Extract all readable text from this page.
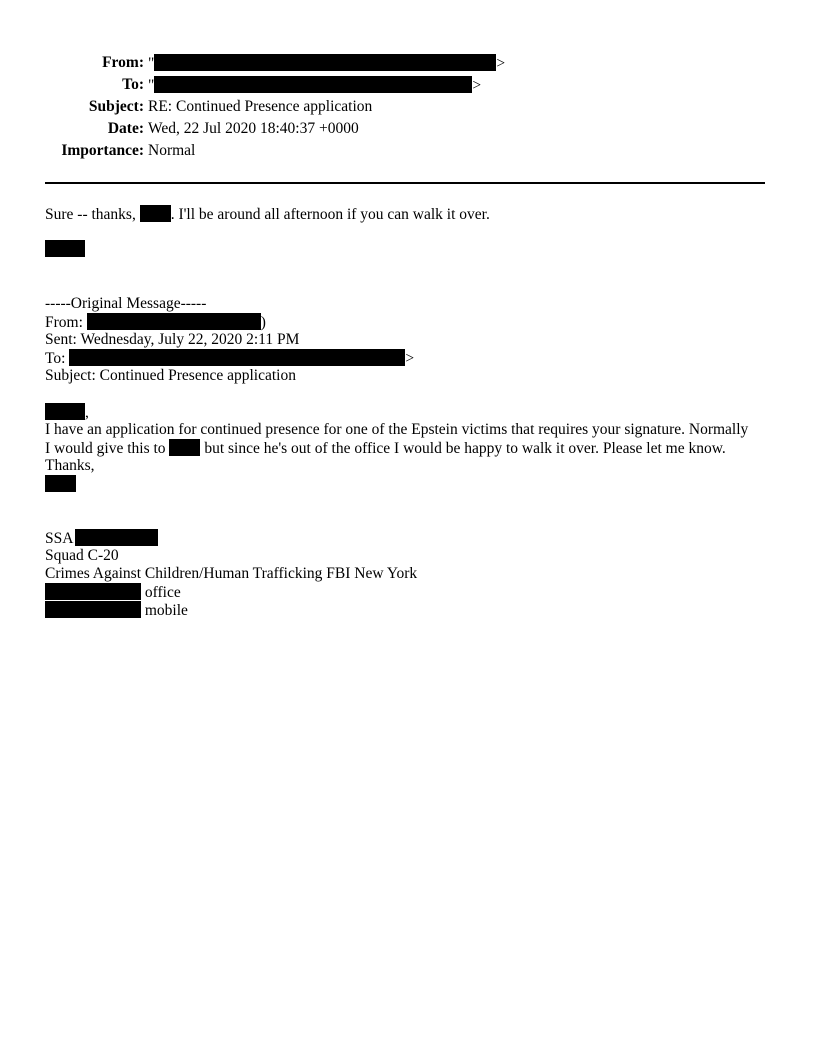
From: "	>
To: "	>
Subject: RE: Continued Presence application
Date: Wed, 22 Jul 2020 18:40:37 +0000
Importance: Normal
Sure -- thanks, . I'll be around all afternoon if you can walk it over.
-----Original Message-----
From:	)
Sent: Wednesday, July 22, 2020 2:11 PM
To:	>
Subject: Continued Presence application
,
I have an application for continued presence for one of the Epstein victims that requires your signature. Normally
I would give this to	but since he's out of the office I would be happy to walk it over. Please let me know.
Thanks,
SSA
Squad C-20
Crimes Against Children/Human Trafficking FBI New York
office
mobile
